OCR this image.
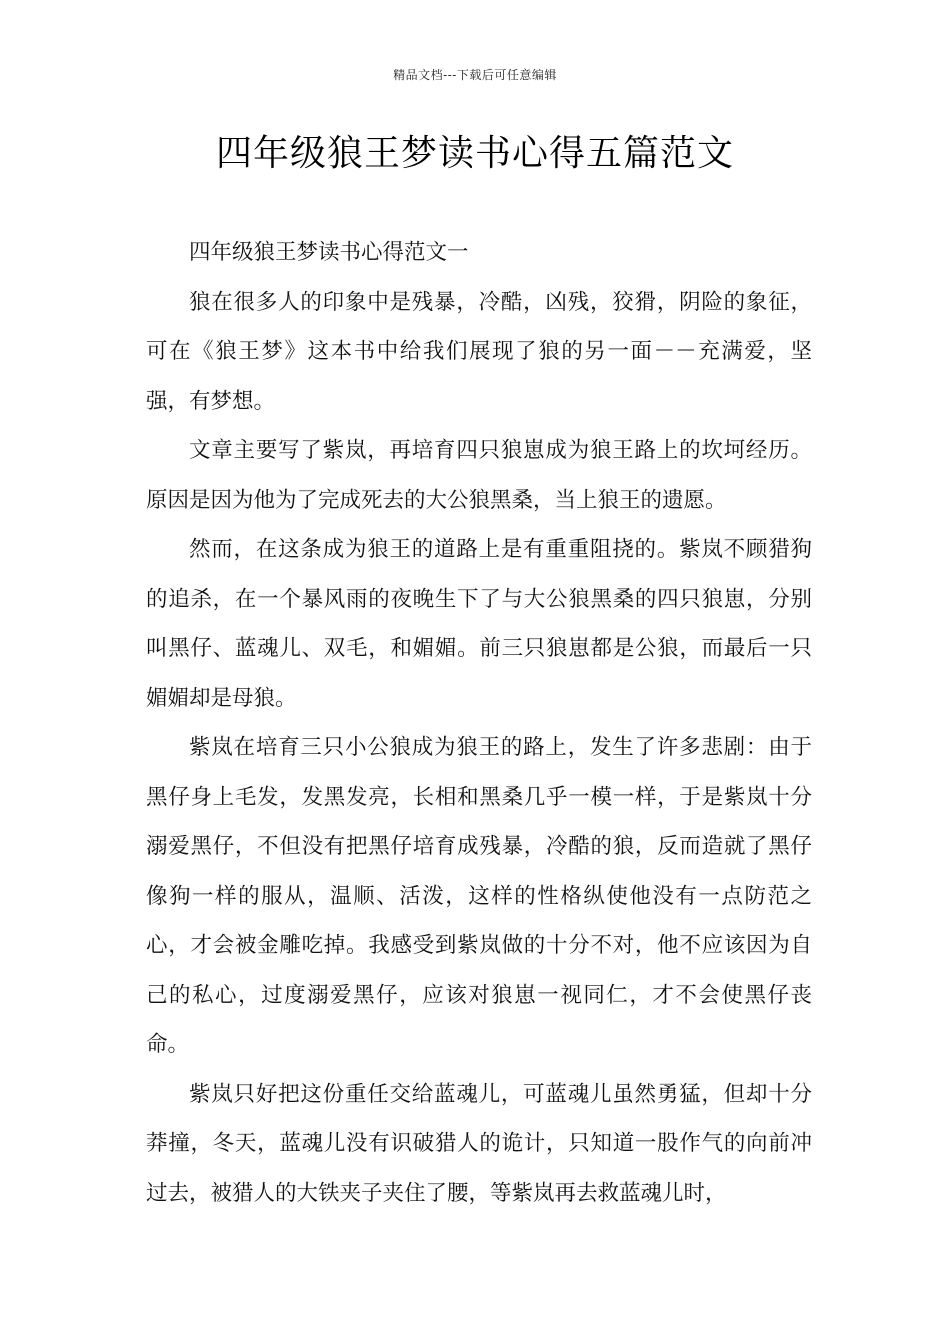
精品文档---下载后可任意编辑
四年级狼王梦读书心得五篇范文

四年级狼王梦读书心得范文一

狼在很多人的印象中是残暴，冷酷，凶残，狡猾，阴险的象征，可在《狼王梦》这本书中给我们展现了狼的另一面－－充满爱，坚强，有梦想。

文章主要写了紫岚，再培育四只狼崽成为狼王路上的坎坷经历。原因是因为他为了完成死去的大公狼黑桑，当上狼王的遗愿。

然而，在这条成为狼王的道路上是有重重阻挠的。紫岚不顾猎狗的追杀，在一个暴风雨的夜晚生下了与大公狼黑桑的四只狼崽，分别叫黑仔、蓝魂儿、双毛，和媚媚。前三只狼崽都是公狼，而最后一只媚媚却是母狼。

紫岚在培育三只小公狼成为狼王的路上，发生了许多悲剧：由于黑仔身上毛发，发黑发亮，长相和黑桑几乎一模一样，于是紫岚十分溺爱黑仔，不但没有把黑仔培育成残暴，冷酷的狼，反而造就了黑仔像狗一样的服从，温顺、活泼，这样的性格纵使他没有一点防范之心，才会被金雕吃掉。我感受到紫岚做的十分不对，他不应该因为自己的私心，过度溺爱黑仔，应该对狼崽一视同仁，才不会使黑仔丧命。

紫岚只好把这份重任交给蓝魂儿，可蓝魂儿虽然勇猛，但却十分莽撞，冬天，蓝魂儿没有识破猎人的诡计，只知道一股作气的向前冲过去，被猎人的大铁夹子夹住了腰，等紫岚再去救蓝魂儿时，
